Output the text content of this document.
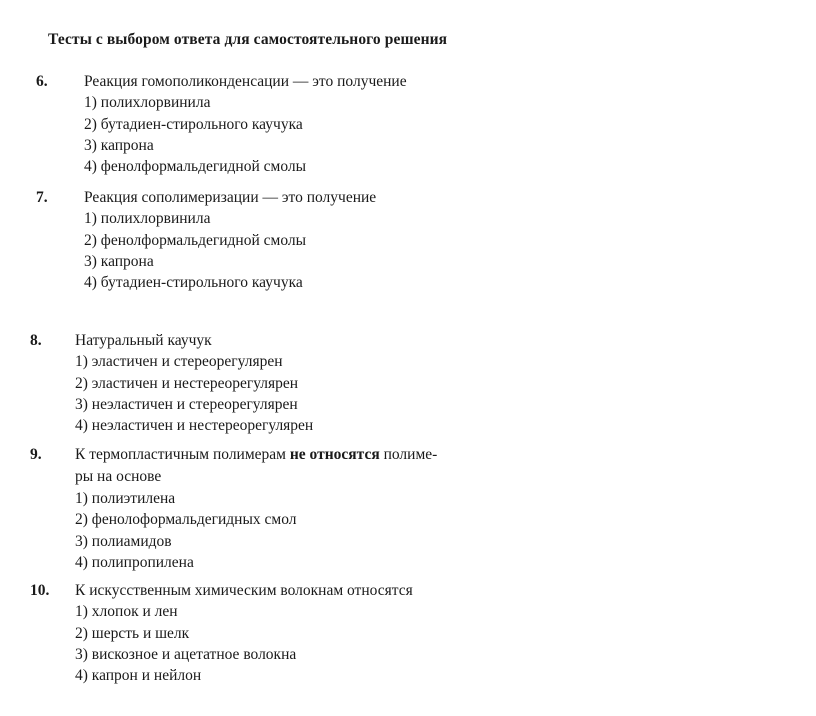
Тесты с выбором ответа для самостоятельного решения
6. Реакция гомополиконденсации — это получение
1) полихлорвинила
2) бутадиен-стирольного каучука
3) капрона
4) фенолформальдегидной смолы
7. Реакция сополимеризации — это получение
1) полихлорвинила
2) фенолформальдегидной смолы
3) капрона
4) бутадиен-стирольного каучука
8. Натуральный каучук
1) эластичен и стереорегулярен
2) эластичен и нестереорегулярен
3) неэластичен и стереорегулярен
4) неэластичен и нестереорегулярен
9. К термопластичным полимерам не относятся полиме-
ры на основе
1) полиэтилена
2) фенолоформальдегидных смол
3) полиамидов
4) полипропилена
10. К искусственным химическим волокнам относятся
1) хлопок и лен
2) шерсть и шелк
3) вискозное и ацетатное волокна
4) капрон и нейлон
